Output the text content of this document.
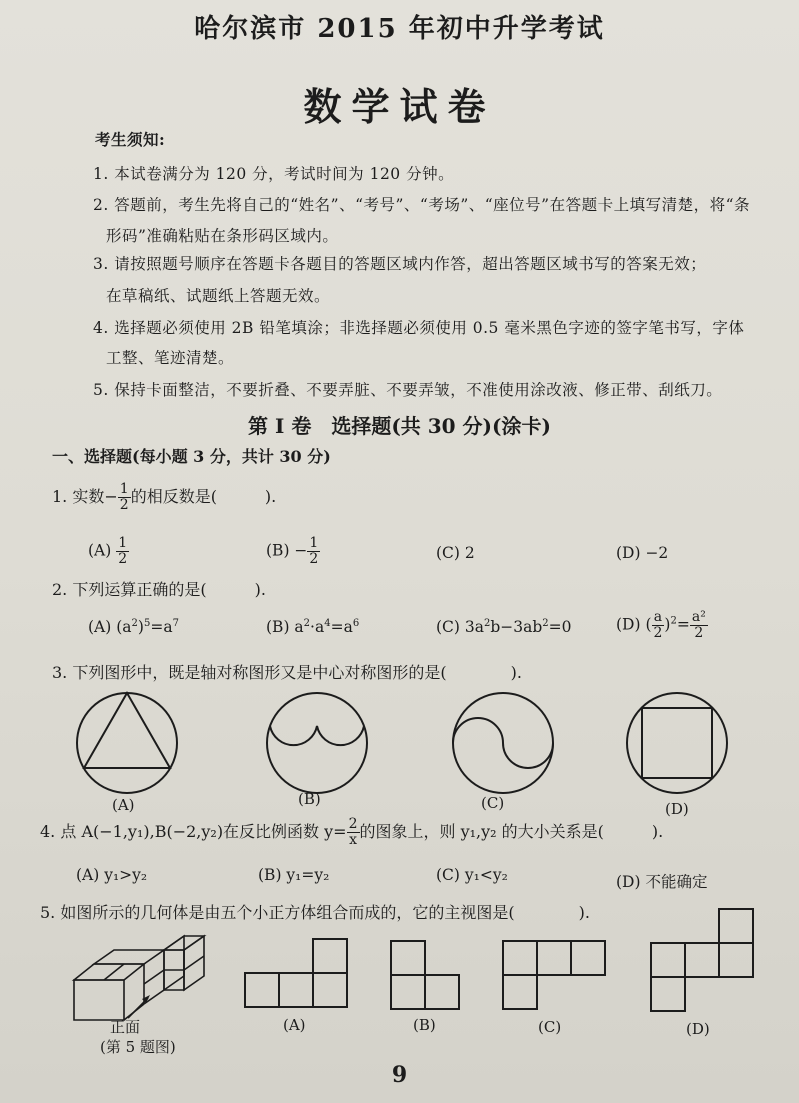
哈尔滨市 2015 年初中升学考试
数学试卷
考生须知:
1. 本试卷满分为 120 分，考试时间为 120 分钟。
2. 答题前，考生先将自己的“姓名”、“考号”、“考场”、“座位号”在答题卡上填写清楚，将“条
形码”准确粘贴在条形码区域内。
3. 请按照题号顺序在答题卡各题目的答题区域内作答，超出答题区域书写的答案无效；
在草稿纸、试题纸上答题无效。
4. 选择题必须使用 2B 铅笔填涂；非选择题必须使用 0.5 毫米黑色字迹的签字笔书写，字体
工整、笔迹清楚。
5. 保持卡面整洁，不要折叠、不要弄脏、不要弄皱，不准使用涂改液、修正带、刮纸刀。
第 I 卷　选择题(共 30 分)(涂卡)
一、选择题(每小题 3 分，共计 30 分)
1. 实数− $\frac{1}{2}$ 的相反数是(　　　).
$(A) \frac{1}{2}$	$(B) - \frac{1}{2}$	(C) 2	(D) −2
2. 下列运算正确的是(　　　).
(A) $(a^2)^5=a^7$	(B) $a^2\cdot a^4=a^6$	(C) $3a^2b-3ab^2=0$	(D) ( $\frac{a}{2} )^2= \frac{\text{a²}}{2}$
3. 下列图形中，既是轴对称图形又是中心对称图形的是(　　　　).
(A)	(B)	(C)	(D)
4. 点 A(−1,y₁),B(−2,y₂)在反比例函数 $y= \frac{2}{x}$ 的图象上，则 y₁,y₂ 的大小关系是(　　　).
(A) y₁>y₂	(B) y₁=y₂	(C) y₁<y₂	(D) 不能确定
5. 如图所示的几何体是由五个小正方体组合而成的，它的主视图是(　　　　).
正面
(第 5 题图)
(A)	(B)	(C)	(D)
9
